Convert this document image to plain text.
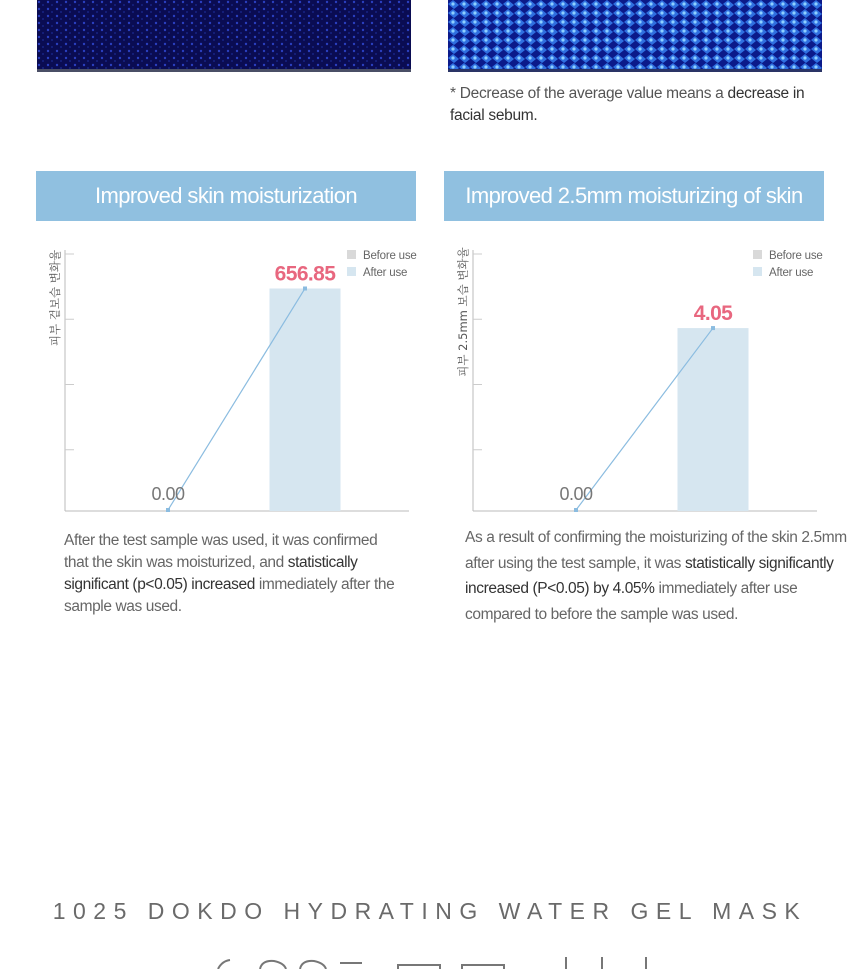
* Decrease of the average value means a decrease in facial sebum.
Improved skin moisturization
피부 겉보습 변화율	Before use
After use
0.00
656.85
After the test sample was used, it was confirmed that the skin was moisturized, and statistically significant (p<0.05) increased immediately after the sample was used.
Improved 2.5mm moisturizing of skin
피부 2.5mm 보습 변화율	Before use
After use
0.00
4.05
As a result of confirming the moisturizing of the skin 2.5mm after using the test sample, it was statistically significantly increased (P<0.05) by 4.05% immediately after use compared to before the sample was used.
1025 DOKDO HYDRATING WATER GEL MASK
